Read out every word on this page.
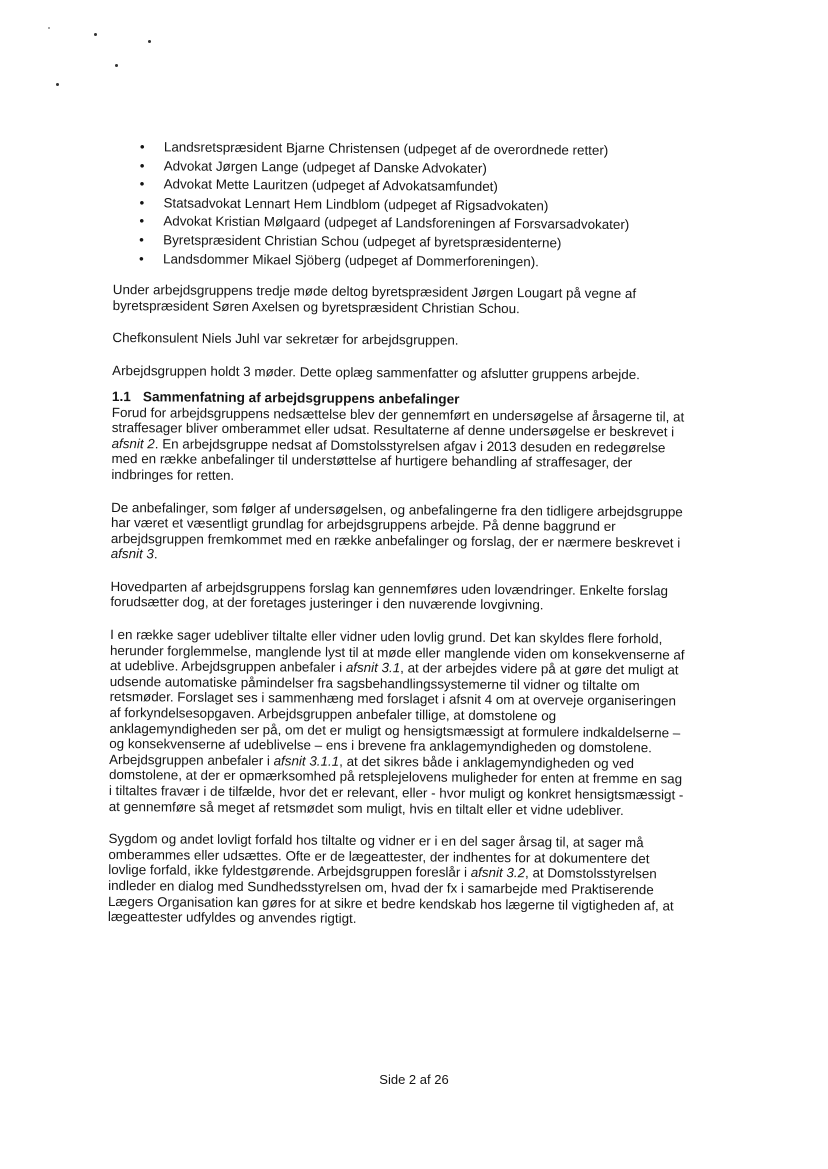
• Landsretspræsident Bjarne Christensen (udpeget af de overordnede retter)
• Advokat Jørgen Lange (udpeget af Danske Advokater)
• Advokat Mette Lauritzen (udpeget af Advokatsamfundet)
• Statsadvokat Lennart Hem Lindblom (udpeget af Rigsadvokaten)
• Advokat Kristian Mølgaard (udpeget af Landsforeningen af Forsvarsadvokater)
• Byretspræsident Christian Schou (udpeget af byretspræsidenterne)
• Landsdommer Mikael Sjöberg (udpeget af Dommerforeningen).

Under arbejdsgruppens tredje møde deltog byretspræsident Jørgen Lougart på vegne af byretspræsident Søren Axelsen og byretspræsident Christian Schou.

Chefkonsulent Niels Juhl var sekretær for arbejdsgruppen.

Arbejdsgruppen holdt 3 møder. Dette oplæg sammenfatter og afslutter gruppens arbejde.

1.1 Sammenfatning af arbejdsgruppens anbefalinger

Forud for arbejdsgruppens nedsættelse blev der gennemført en undersøgelse af årsagerne til, at straffesager bliver omberammet eller udsat. Resultaterne af denne undersøgelse er beskrevet i afsnit 2. En arbejdsgruppe nedsat af Domstolsstyrelsen afgav i 2013 desuden en redegørelse med en række anbefalinger til understøttelse af hurtigere behandling af straffesager, der indbringes for retten.

De anbefalinger, som følger af undersøgelsen, og anbefalingerne fra den tidligere arbejdsgruppe har været et væsentligt grundlag for arbejdsgruppens arbejde. På denne baggrund er arbejdsgruppen fremkommet med en række anbefalinger og forslag, der er nærmere beskrevet i afsnit 3.

Hovedparten af arbejdsgruppens forslag kan gennemføres uden lovændringer. Enkelte forslag forudsætter dog, at der foretages justeringer i den nuværende lovgivning.

I en række sager udebliver tiltalte eller vidner uden lovlig grund. Det kan skyldes flere forhold, herunder forglemmelse, manglende lyst til at møde eller manglende viden om konsekvenserne af at udeblive. Arbejdsgruppen anbefaler i afsnit 3.1, at der arbejdes videre på at gøre det muligt at udsende automatiske påmindelser fra sagsbehandlingssystemerne til vidner og tiltalte om retsmøder. Forslaget ses i sammenhæng med forslaget i afsnit 4 om at overveje organiseringen af forkyndelsesopgaven. Arbejdsgruppen anbefaler tillige, at domstolene og anklagemyndigheden ser på, om det er muligt og hensigtsmæssigt at formulere indkaldelserne – og konsekvenserne af udeblivelse – ens i brevene fra anklagemyndigheden og domstolene. Arbejdsgruppen anbefaler i afsnit 3.1.1, at det sikres både i anklagemyndigheden og ved domstolene, at der er opmærksomhed på retsplejelovens muligheder for enten at fremme en sag i tiltaltes fravær i de tilfælde, hvor det er relevant, eller - hvor muligt og konkret hensigtsmæssigt - at gennemføre så meget af retsmødet som muligt, hvis en tiltalt eller et vidne udebliver.

Sygdom og andet lovligt forfald hos tiltalte og vidner er i en del sager årsag til, at sager må omberammes eller udsættes. Ofte er de lægeattester, der indhentes for at dokumentere det lovlige forfald, ikke fyldestgørende. Arbejdsgruppen foreslår i afsnit 3.2, at Domstolsstyrelsen indleder en dialog med Sundhedsstyrelsen om, hvad der fx i samarbejde med Praktiserende Lægers Organisation kan gøres for at sikre et bedre kendskab hos lægerne til vigtigheden af, at lægeattester udfyldes og anvendes rigtigt.

Side 2 af 26
